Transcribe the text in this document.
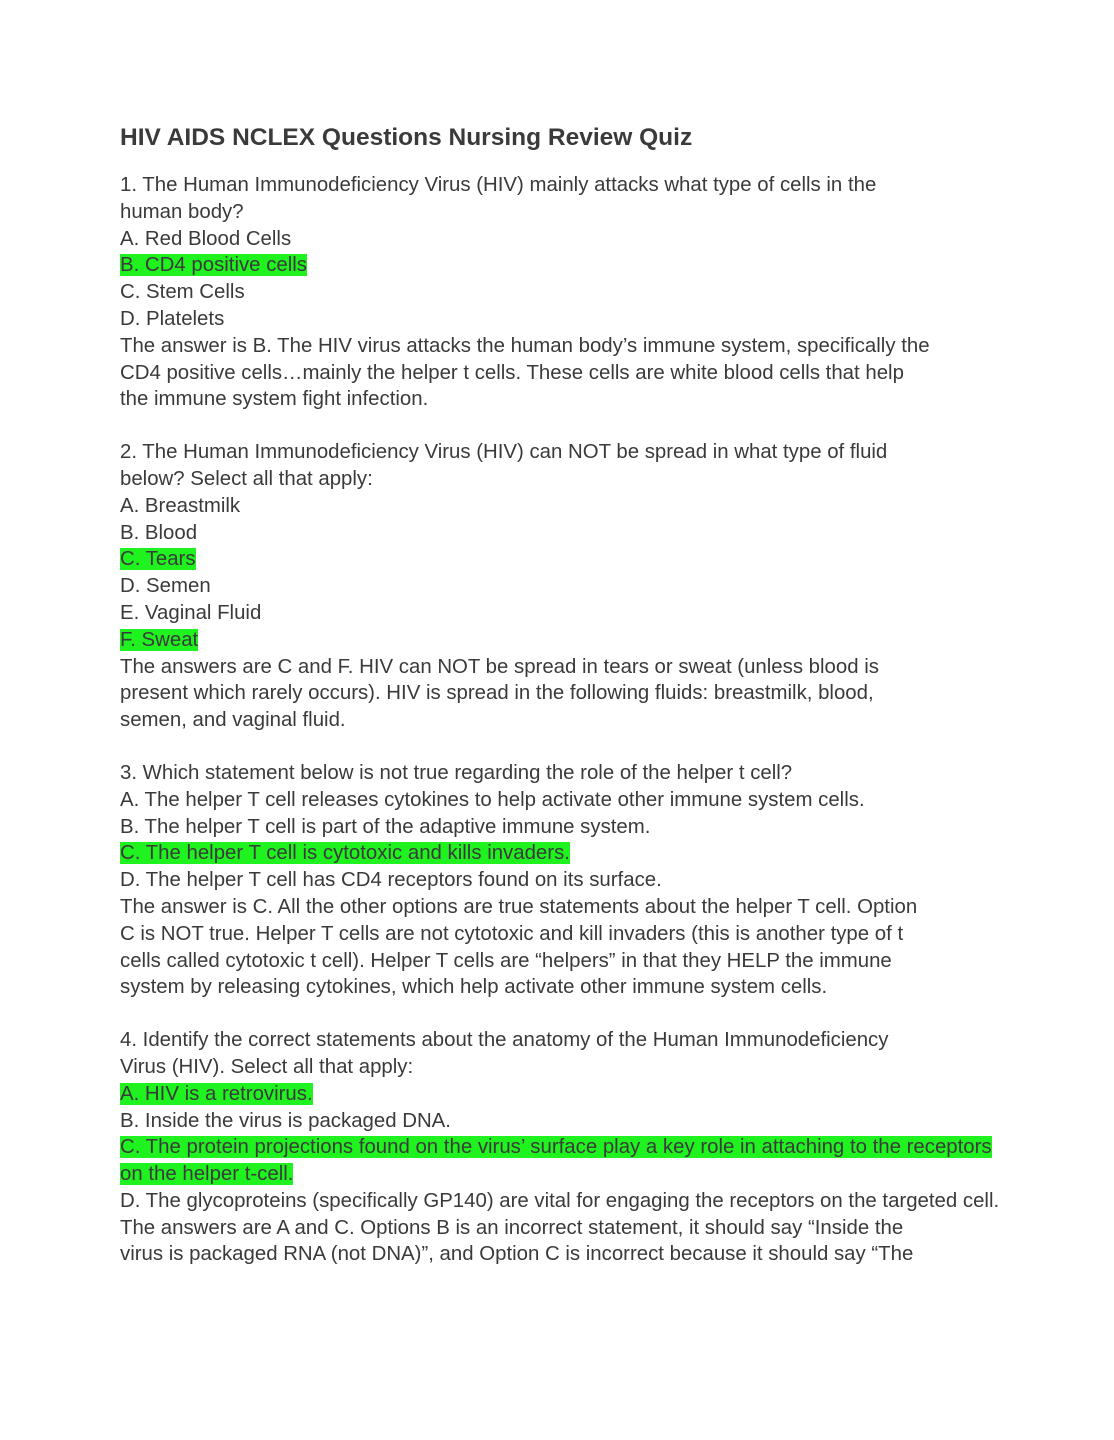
HIV AIDS NCLEX Questions Nursing Review Quiz
1. The Human Immunodeficiency Virus (HIV) mainly attacks what type of cells in the
human body?
A. Red Blood Cells
B. CD4 positive cells
C. Stem Cells
D. Platelets
The answer is B. The HIV virus attacks the human body’s immune system, specifically the
CD4 positive cells…mainly the helper t cells. These cells are white blood cells that help
the immune system fight infection.
2. The Human Immunodeficiency Virus (HIV) can NOT be spread in what type of fluid
below? Select all that apply:
A. Breastmilk
B. Blood
C. Tears
D. Semen
E. Vaginal Fluid
F. Sweat
The answers are C and F. HIV can NOT be spread in tears or sweat (unless blood is
present which rarely occurs). HIV is spread in the following fluids: breastmilk, blood,
semen, and vaginal fluid.
3. Which statement below is not true regarding the role of the helper t cell?
A. The helper T cell releases cytokines to help activate other immune system cells.
B. The helper T cell is part of the adaptive immune system.
C. The helper T cell is cytotoxic and kills invaders.
D. The helper T cell has CD4 receptors found on its surface.
The answer is C. All the other options are true statements about the helper T cell. Option
C is NOT true. Helper T cells are not cytotoxic and kill invaders (this is another type of t
cells called cytotoxic t cell). Helper T cells are “helpers” in that they HELP the immune
system by releasing cytokines, which help activate other immune system cells.
4. Identify the correct statements about the anatomy of the Human Immunodeficiency
Virus (HIV). Select all that apply:
A. HIV is a retrovirus.
B. Inside the virus is packaged DNA.
C. The protein projections found on the virus’ surface play a key role in attaching to the receptors on the helper t-cell.
D. The glycoproteins (specifically GP140) are vital for engaging the receptors on the targeted cell.
The answers are A and C. Options B is an incorrect statement, it should say “Inside the
virus is packaged RNA (not DNA)”, and Option C is incorrect because it should say “The
